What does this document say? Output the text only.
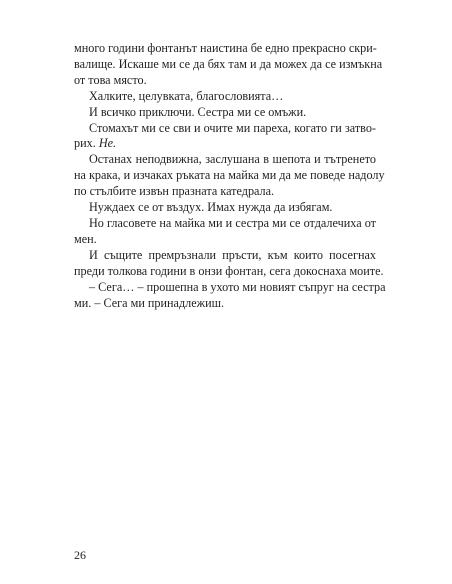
много години фонтанът наистина бе едно прекрасно скри-
валище. Искаше ми се да бях там и да можех да се измъкна
от това място.

Халките, целувката, благословията…

И всичко приключи. Сестра ми се омъжи.

Стомахът ми се сви и очите ми пареха, когато ги затво-
рих. Не.

Останах неподвижна, заслушана в шепота и тътренето
на крака, и изчаках ръката на майка ми да ме поведе надолу
по стълбите извън празната катедрала.

Нуждаех се от въздух. Имах нужда да избягам.

Но гласовете на майка ми и сестра ми се отдалечиха от
мен.

И същите премръзнали пръсти, към които посегнах
преди толкова години в онзи фонтан, сега докоснаха моите.
– Сега… – прошепна в ухото ми новият съпруг на сестра
ми. – Сега ми принадлежиш.

26
